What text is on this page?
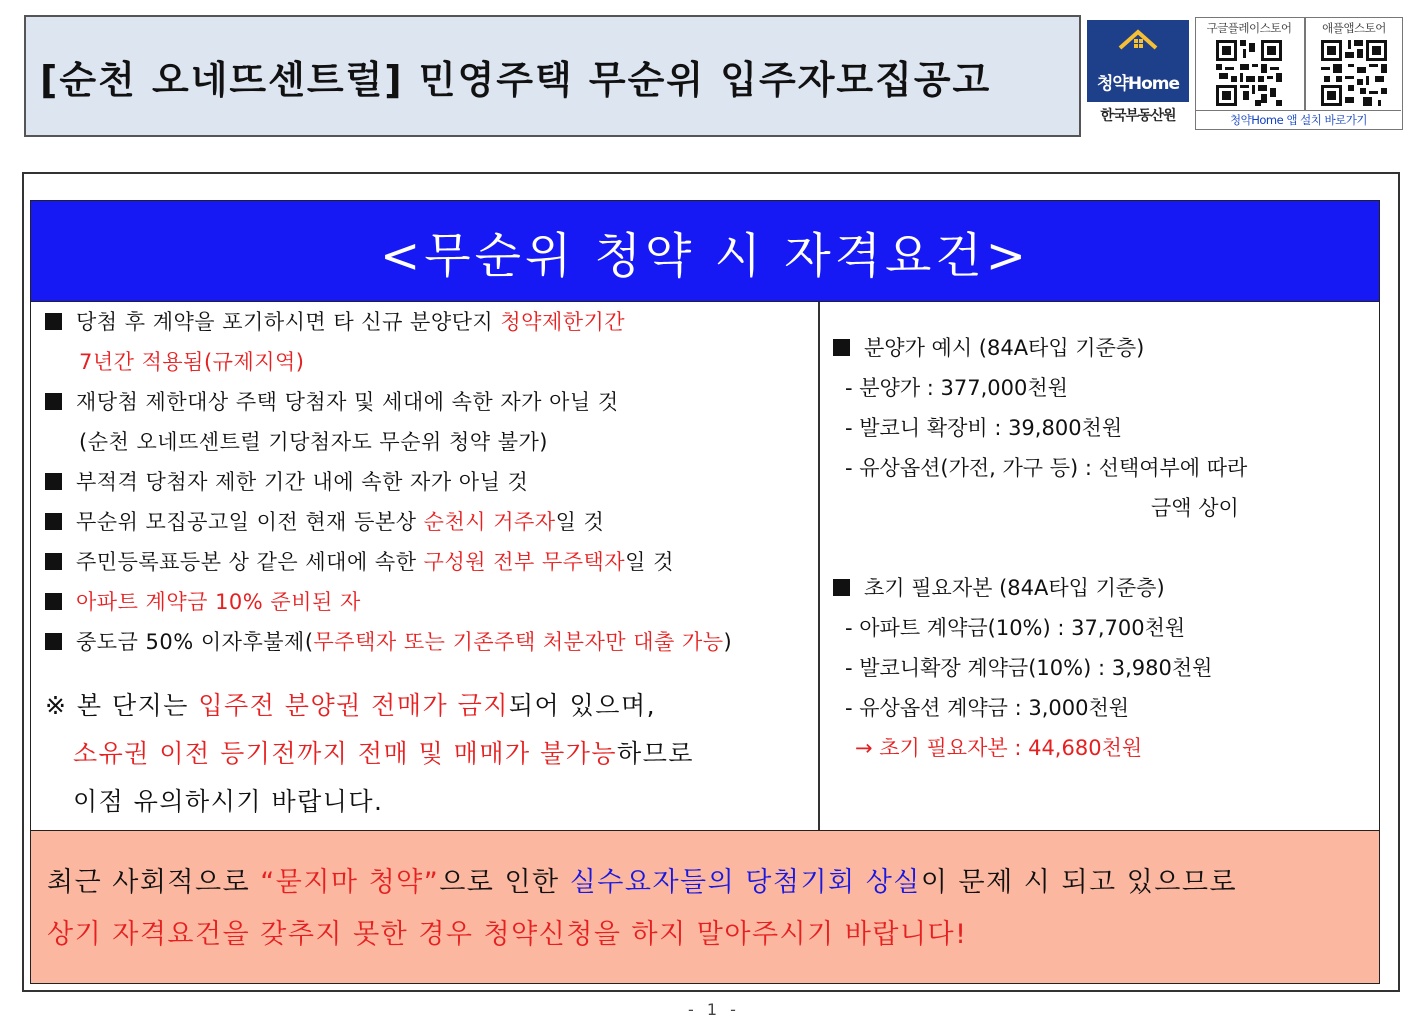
[순천 오네뜨센트럴] 민영주택 무순위 입주자모집공고	청약Home
한국부동산원
구글플레이스토어	애플앱스토어
청약Home 앱 설치 바로가기
<무순위 청약 시 자격요건>
당첨 후 계약을 포기하시면 타 신규 분양단지 청약제한기간
7년간 적용됨(규제지역)
재당첨 제한대상 주택 당첨자 및 세대에 속한 자가 아닐 것
(순천 오네뜨센트럴 기당첨자도 무순위 청약 불가)
부적격 당첨자 제한 기간 내에 속한 자가 아닐 것
무순위 모집공고일 이전 현재 등본상 순천시 거주자일 것
주민등록표등본 상 같은 세대에 속한 구성원 전부 무주택자일 것
아파트 계약금 10% 준비된 자
중도금 50% 이자후불제(무주택자 또는 기존주택 처분자만 대출 가능)
※ 본 단지는 입주전 분양권 전매가 금지되어 있으며,
소유권 이전 등기전까지 전매 및 매매가 불가능하므로
이점 유의하시기 바랍니다.
분양가 예시 (84A타입 기준층)
- 분양가 : 377,000천원
- 발코니 확장비 : 39,800천원
- 유상옵션(가전, 가구 등) : 선택여부에 따라
금액 상이
초기 필요자본 (84A타입 기준층)
- 아파트 계약금(10%) : 37,700천원
- 발코니확장 계약금(10%) : 3,980천원
- 유상옵션 계약금 : 3,000천원
→ 초기 필요자본 : 44,680천원
최근 사회적으로 “묻지마 청약”으로 인한 실수요자들의 당첨기회 상실이 문제 시 되고 있으므로
상기 자격요건을 갖추지 못한 경우 청약신청을 하지 말아주시기 바랍니다!
- 1 -
